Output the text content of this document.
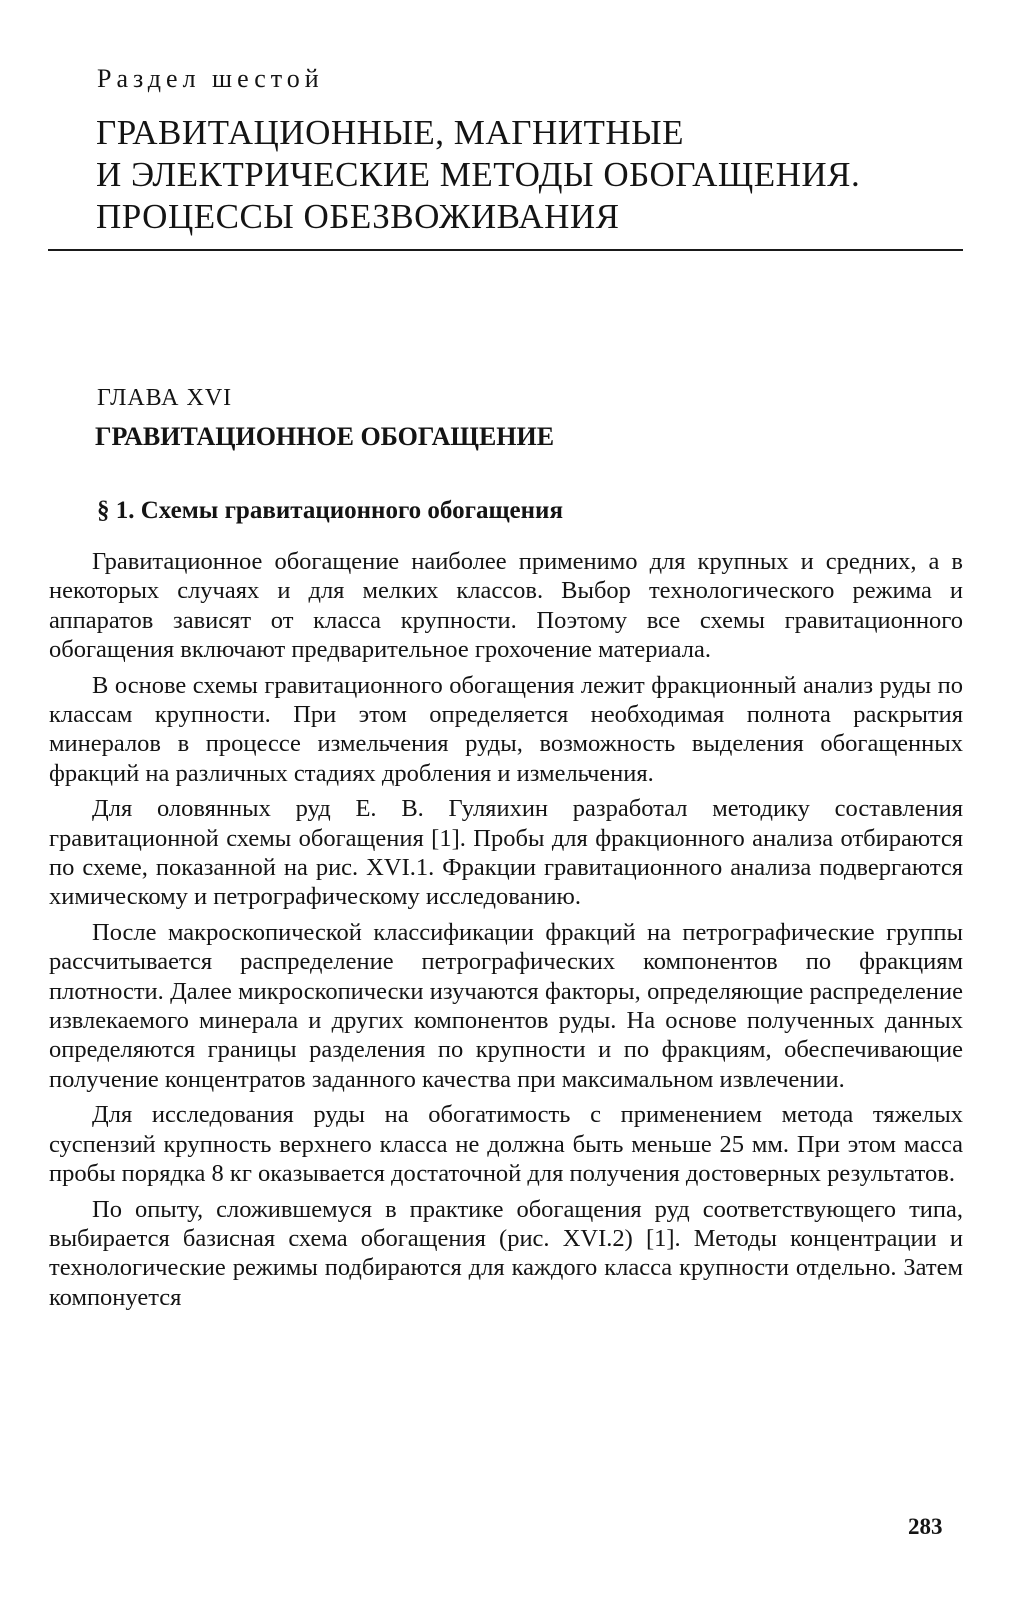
Раздел шестой
ГРАВИТАЦИОННЫЕ, МАГНИТНЫЕ
И ЭЛЕКТРИЧЕСКИЕ МЕТОДЫ ОБОГАЩЕНИЯ.
ПРОЦЕССЫ ОБЕЗВОЖИВАНИЯ
ГЛАВА XVI
ГРАВИТАЦИОННОЕ ОБОГАЩЕНИЕ
§ 1. Схемы гравитационного обогащения

Гравитационное обогащение наиболее применимо для крупных и средних, а в некоторых случаях и для мелких классов. Выбор технологического режима и аппаратов зависят от класса крупности. Поэтому все схемы гравитационного обогащения включают предварительное грохочение материала.

В основе схемы гравитационного обогащения лежит фракционный анализ руды по классам крупности. При этом определяется необходимая полнота раскрытия минералов в процессе измельчения руды, возможность выделения обогащенных фракций на различных стадиях дробления и измельчения.

Для оловянных руд Е. В. Гуляихин разработал методику составления гравитационной схемы обогащения [1]. Пробы для фракционного анализа отбираются по схеме, показанной на рис. XVI.1. Фракции гравитационного анализа подвергаются химическому и петрографическому исследованию.

После макроскопической классификации фракций на петрографические группы рассчитывается распределение петрографических компонентов по фракциям плотности. Далее микроскопически изучаются факторы, определяющие распределение извлекаемого минерала и других компонентов руды. На основе полученных данных определяются границы разделения по крупности и по фракциям, обеспечивающие получение концентратов заданного качества при максимальном извлечении.

Для исследования руды на обогатимость с применением метода тяжелых суспензий крупность верхнего класса не должна быть меньше 25 мм. При этом масса пробы порядка 8 кг оказывается достаточной для получения достоверных результатов.

По опыту, сложившемуся в практике обогащения руд соответствующего типа, выбирается базисная схема обогащения (рис. XVI.2) [1]. Методы концентрации и технологические режимы подбираются для каждого класса крупности отдельно. Затем компонуется

283
